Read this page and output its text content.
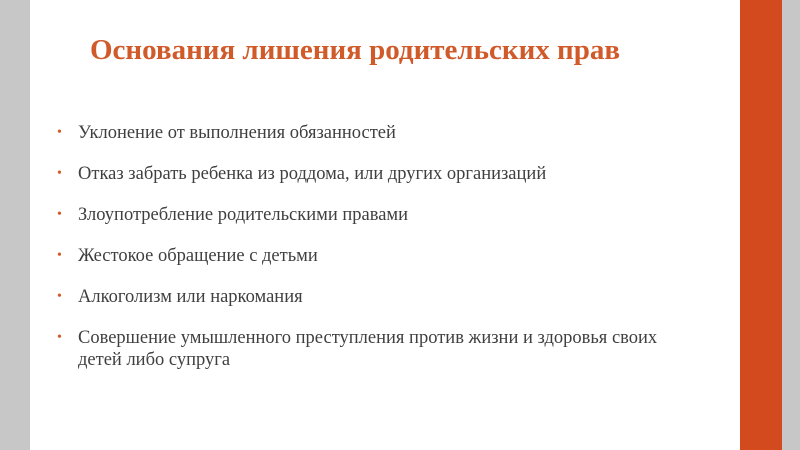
Основания лишения родительских прав
• Уклонение от выполнения обязанностей
• Отказ забрать ребенка из роддома, или других организаций
• Злоупотребление родительскими правами
• Жестокое обращение с детьми
• Алкоголизм или наркомания
• Совершение умышленного преступления против жизни и здоровья своих детей либо супруга
